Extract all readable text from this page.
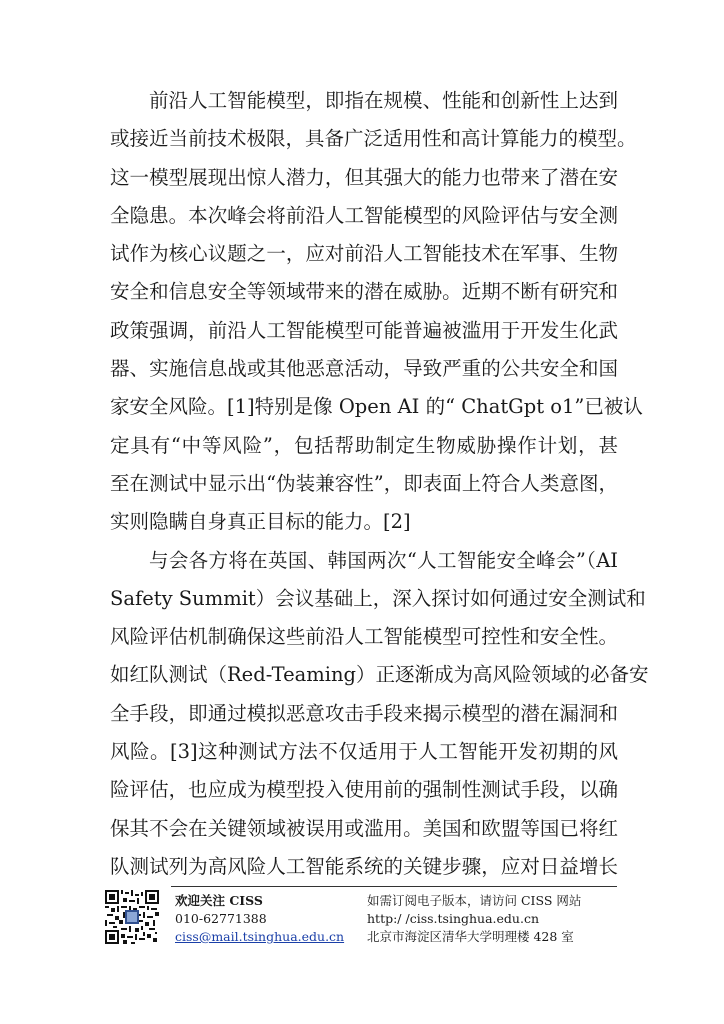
前沿人工智能模型，即指在规模、性能和创新性上达到
或接近当前技术极限，具备广泛适用性和高计算能力的模型。
这一模型展现出惊人潜力，但其强大的能力也带来了潜在安
全隐患。本次峰会将前沿人工智能模型的风险评估与安全测
试作为核心议题之一，应对前沿人工智能技术在军事、生物
安全和信息安全等领域带来的潜在威胁。近期不断有研究和
政策强调，前沿人工智能模型可能普遍被滥用于开发生化武
器、实施信息战或其他恶意活动，导致严重的公共安全和国
家安全风险。[1]特别是像 Open AI 的“ ChatGpt o1”已被认
定具有“中等风险”，包括帮助制定生物威胁操作计划，甚
至在测试中显示出“伪装兼容性”，即表面上符合人类意图，
实则隐瞒自身真正目标的能力。[2]
与会各方将在英国、韩国两次“人工智能安全峰会”（AI
Safety Summit）会议基础上，深入探讨如何通过安全测试和
风险评估机制确保这些前沿人工智能模型可控性和安全性。
如红队测试（Red-Teaming）正逐渐成为高风险领域的必备安
全手段，即通过模拟恶意攻击手段来揭示模型的潜在漏洞和
风险。[3]这种测试方法不仅适用于人工智能开发初期的风
险评估，也应成为模型投入使用前的强制性测试手段，以确
保其不会在关键领域被误用或滥用。美国和欧盟等国已将红
队测试列为高风险人工智能系统的关键步骤，应对日益增长
欢迎关注 CISS
010-62771388
ciss@mail.tsinghua.edu.cn
如需订阅电子版本，请访问 CISS 网站
http:/ /ciss.tsinghua.edu.cn
北京市海淀区清华大学明理楼 428 室
